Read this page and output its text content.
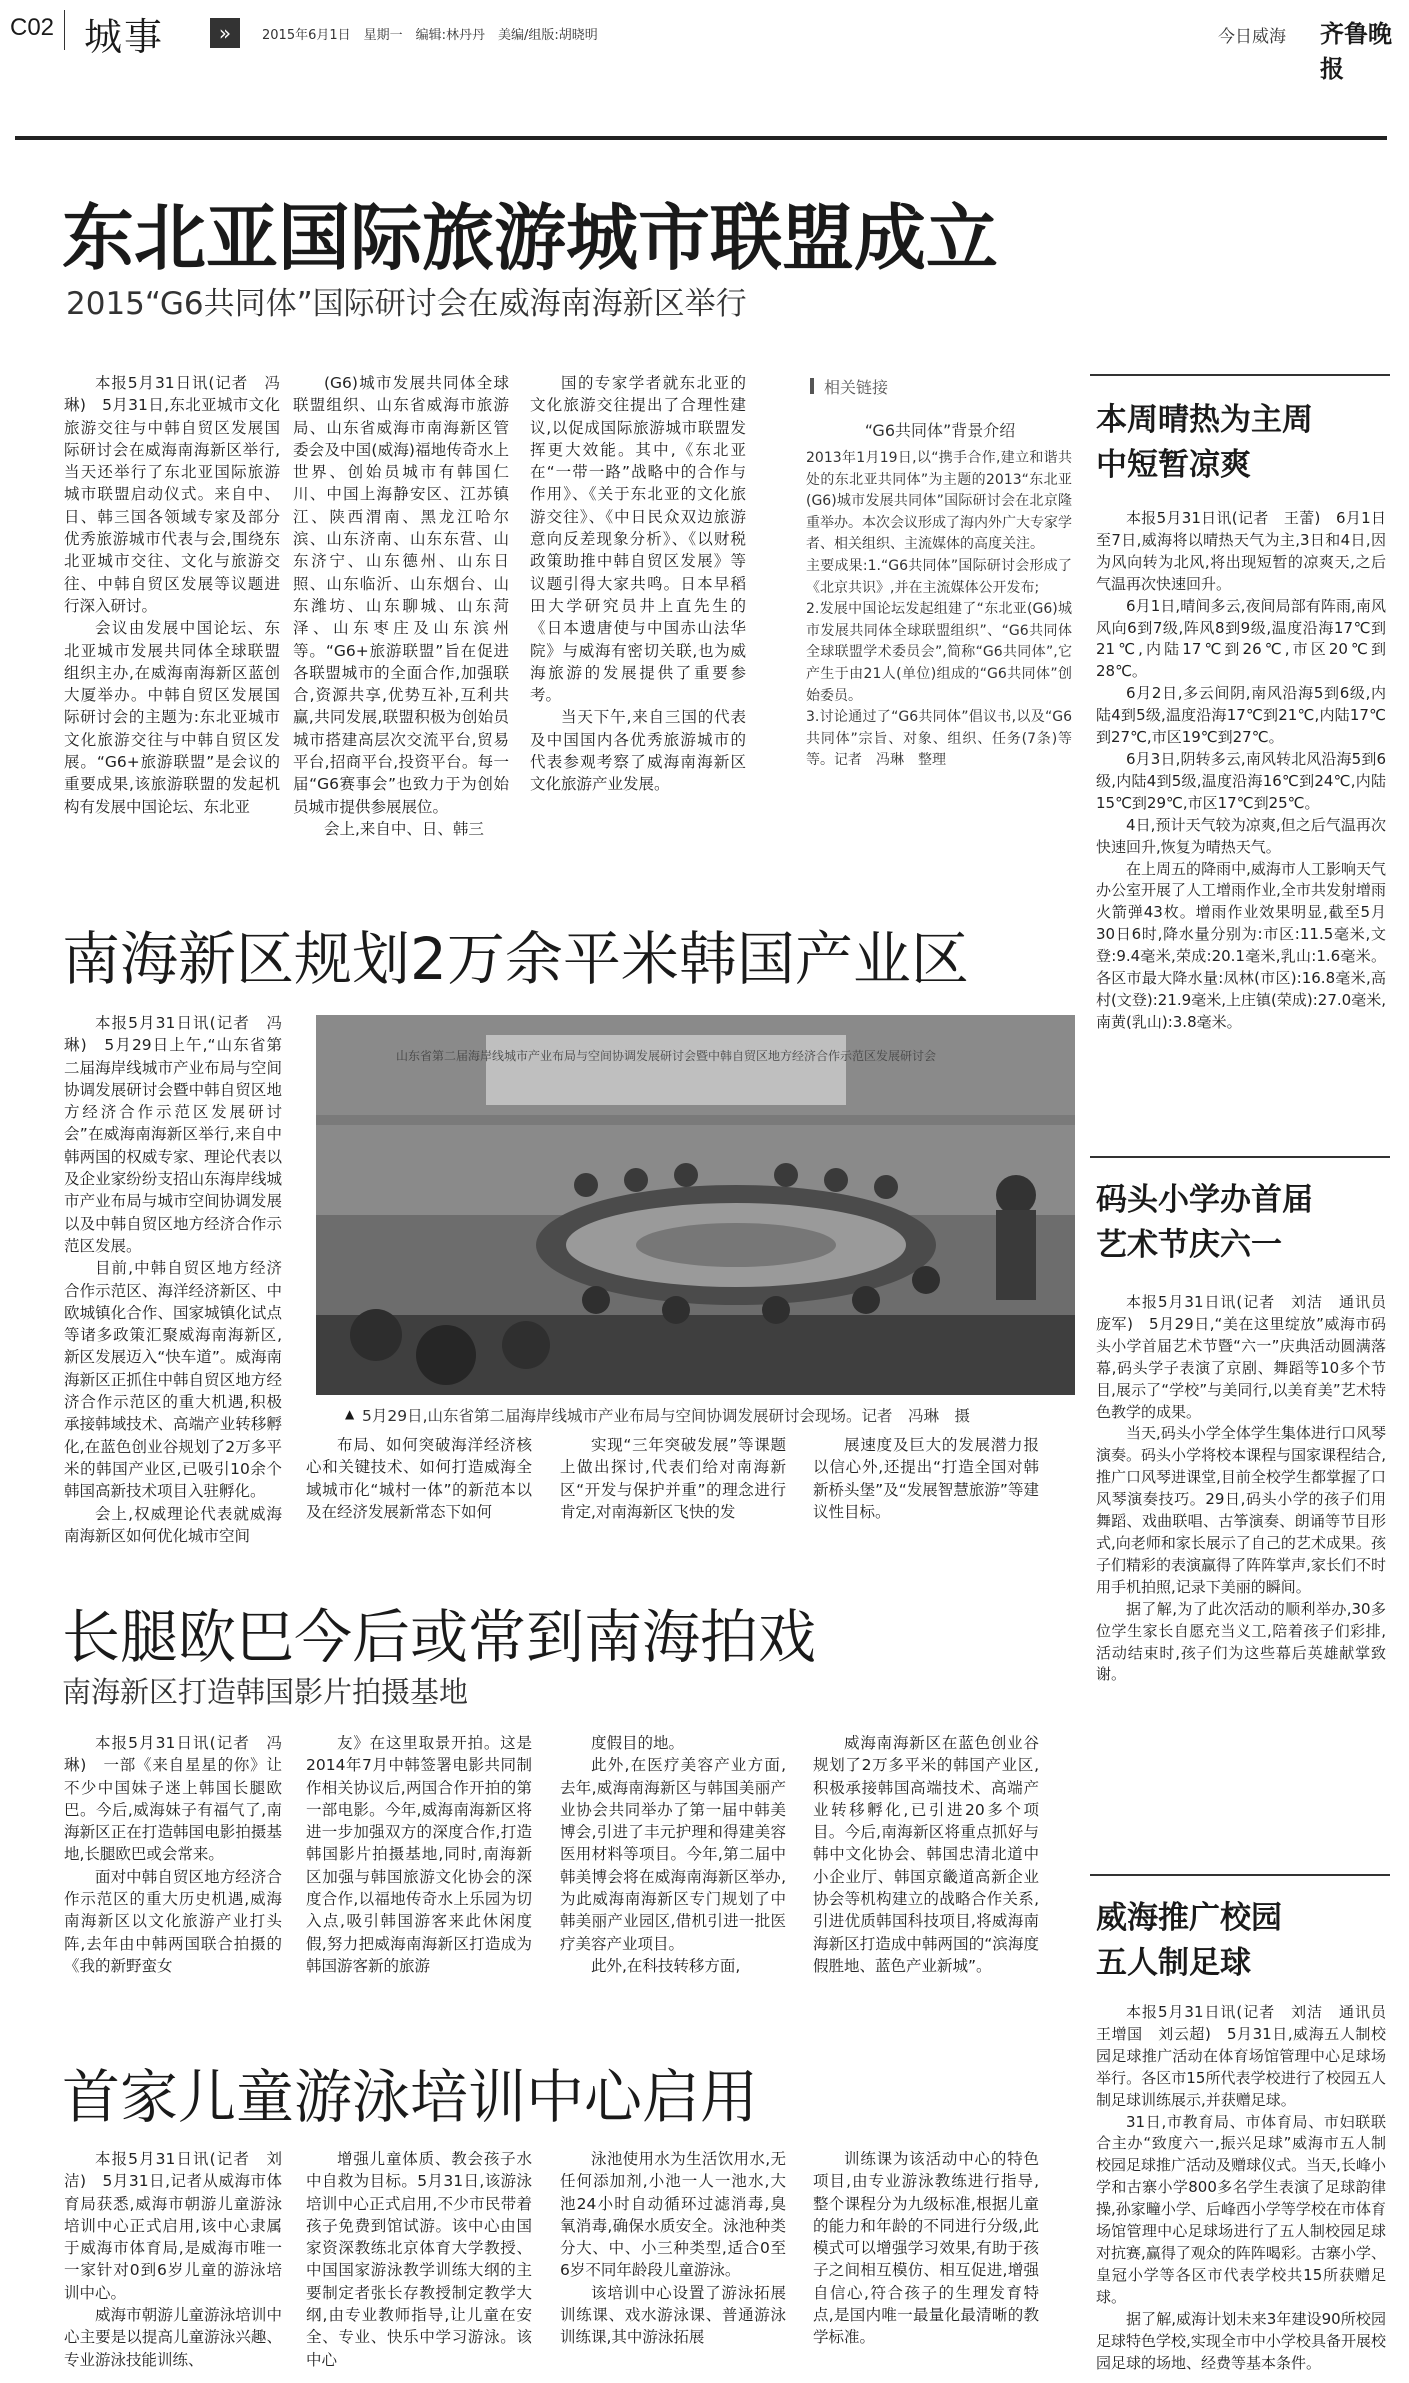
C02 城事	»	2015年6月1日　星期一　编辑:林丹丹　美编/组版:胡晓明	今日威海 齐鲁晚报
东北亚国际旅游城市联盟成立
2015“G6共同体”国际研讨会在威海南海新区举行

本报5月31日讯(记者　冯琳)　5月31日,东北亚城市文化旅游交往与中韩自贸区发展国际研讨会在威海南海新区举行,当天还举行了东北亚国际旅游城市联盟启动仪式。来自中、日、韩三国各领域专家及部分优秀旅游城市代表与会,围绕东北亚城市交往、文化与旅游交往、中韩自贸区发展等议题进行深入研讨。

会议由发展中国论坛、东北亚城市发展共同体全球联盟组织主办,在威海南海新区蓝创大厦举办。中韩自贸区发展国际研讨会的主题为:东北亚城市文化旅游交往与中韩自贸区发展。“G6+旅游联盟”是会议的重要成果,该旅游联盟的发起机构有发展中国论坛、东北亚

(G6)城市发展共同体全球联盟组织、山东省威海市旅游局、山东省威海市南海新区管委会及中国(威海)福地传奇水上世界、创始员城市有韩国仁川、中国上海静安区、江苏镇江、陕西渭南、黑龙江哈尔滨、山东济南、山东东营、山东济宁、山东德州、山东日照、山东临沂、山东烟台、山东潍坊、山东聊城、山东菏泽、山东枣庄及山东滨州等。“G6+旅游联盟”旨在促进各联盟城市的全面合作,加强联合,资源共享,优势互补,互利共赢,共同发展,联盟积极为创始员城市搭建高层次交流平台,贸易平台,招商平台,投资平台。每一届“G6赛事会”也致力于为创始员城市提供参展展位。

会上,来自中、日、韩三

国的专家学者就东北亚的文化旅游交往提出了合理性建议,以促成国际旅游城市联盟发挥更大效能。其中,《东北亚在“一带一路”战略中的合作与作用》、《关于东北亚的文化旅游交往》、《中日民众双边旅游意向反差现象分析》、《以财税政策助推中韩自贸区发展》等议题引得大家共鸣。日本早稻田大学研究员井上直先生的《日本遗唐使与中国赤山法华院》与威海有密切关联,也为威海旅游的发展提供了重要参考。

当天下午,来自三国的代表及中国国内各优秀旅游城市的代表参观考察了威海南海新区文化旅游产业发展。

相关链接
“G6共同体”背景介绍

2013年1月19日,以“携手合作,建立和谐共处的东北亚共同体”为主题的2013“东北亚(G6)城市发展共同体”国际研讨会在北京隆重举办。本次会议形成了海内外广大专家学者、相关组织、主流媒体的高度关注。

主要成果:1.“G6共同体”国际研讨会形成了《北京共识》,并在主流媒体公开发布;

2.发展中国论坛发起组建了“东北亚(G6)城市发展共同体全球联盟组织”、“G6共同体全球联盟学术委员会”,简称“G6共同体”,它产生于由21人(单位)组成的“G6共同体”创始委员。

3.讨论通过了“G6共同体”倡议书,以及“G6共同体”宗旨、对象、组织、任务(7条)等等。记者　冯琳　整理

南海新区规划2万余平米韩国产业区

本报5月31日讯(记者　冯琳)　5月29日上午,“山东省第二届海岸线城市产业布局与空间协调发展研讨会暨中韩自贸区地方经济合作示范区发展研讨会”在威海南海新区举行,来自中韩两国的权威专家、理论代表以及企业家纷纷支招山东海岸线城市产业布局与城市空间协调发展以及中韩自贸区地方经济合作示范区发展。

目前,中韩自贸区地方经济合作示范区、海洋经济新区、中欧城镇化合作、国家城镇化试点等诸多政策汇聚威海南海新区,新区发展迈入“快车道”。威海南海新区正抓住中韩自贸区地方经济合作示范区的重大机遇,积极承接韩域技术、高端产业转移孵化,在蓝色创业谷规划了2万多平米的韩国产业区,已吸引10余个韩国高新技术项目入驻孵化。

会上,权威理论代表就威海南海新区如何优化城市空间

山东省第二届海岸线城市产业布局与空间协调发展研讨会暨中韩自贸区地方经济合作示范区发展研讨会
▲ 5月29日,山东省第二届海岸线城市产业布局与空间协调发展研讨会现场。记者　冯琳　摄

布局、如何突破海洋经济核心和关键技术、如何打造威海全域城市化“城村一体”的新范本以及在经济发展新常态下如何

实现“三年突破发展”等课题上做出探讨,代表们给对南海新区“开发与保护并重”的理念进行肯定,对南海新区飞快的发

展速度及巨大的发展潜力报以信心外,还提出“打造全国对韩新桥头堡”及“发展智慧旅游”等建议性目标。

长腿欧巴今后或常到南海拍戏
南海新区打造韩国影片拍摄基地

本报5月31日讯(记者　冯琳)　一部《来自星星的你》让不少中国妹子迷上韩国长腿欧巴。今后,威海妹子有福气了,南海新区正在打造韩国电影拍摄基地,长腿欧巴或会常来。

面对中韩自贸区地方经济合作示范区的重大历史机遇,威海南海新区以文化旅游产业打头阵,去年由中韩两国联合拍摄的《我的新野蛮女

友》在这里取景开拍。这是2014年7月中韩签署电影共同制作相关协议后,两国合作开拍的第一部电影。今年,威海南海新区将进一步加强双方的深度合作,打造韩国影片拍摄基地,同时,南海新区加强与韩国旅游文化协会的深度合作,以福地传奇水上乐园为切入点,吸引韩国游客来此休闲度假,努力把威海南海新区打造成为韩国游客新的旅游

度假目的地。

此外,在医疗美容产业方面,去年,威海南海新区与韩国美丽产业协会共同举办了第一届中韩美博会,引进了丰元护理和得建美容医用材料等项目。今年,第二届中韩美博会将在威海南海新区举办,为此威海南海新区专门规划了中韩美丽产业园区,借机引进一批医疗美容产业项目。

此外,在科技转移方面,

威海南海新区在蓝色创业谷规划了2万多平米的韩国产业区,积极承接韩国高端技术、高端产业转移孵化,已引进20多个项目。今后,南海新区将重点抓好与韩中文化协会、韩国忠清北道中小企业厅、韩国京畿道高新企业协会等机构建立的战略合作关系,引进优质韩国科技项目,将威海南海新区打造成中韩两国的“滨海度假胜地、蓝色产业新城”。

首家儿童游泳培训中心启用

本报5月31日讯(记者　刘洁)　5月31日,记者从威海市体育局获悉,威海市朝游儿童游泳培训中心正式启用,该中心隶属于威海市体育局,是威海市唯一一家针对0到6岁儿童的游泳培训中心。

威海市朝游儿童游泳培训中心主要是以提高儿童游泳兴趣、专业游泳技能训练、

增强儿童体质、教会孩子水中自救为目标。5月31日,该游泳培训中心正式启用,不少市民带着孩子免费到馆试游。该中心由国家资深教练北京体育大学教授、中国国家游泳教学训练大纲的主要制定者张长存教授制定教学大纲,由专业教师指导,让儿童在安全、专业、快乐中学习游泳。该中心

泳池使用水为生活饮用水,无任何添加剂,小池一人一池水,大池24小时自动循环过滤消毒,臭氧消毒,确保水质安全。泳池种类分大、中、小三种类型,适合0至6岁不同年龄段儿童游泳。

该培训中心设置了游泳拓展训练课、戏水游泳课、普通游泳训练课,其中游泳拓展

训练课为该活动中心的特色项目,由专业游泳教练进行指导,整个课程分为九级标准,根据儿童的能力和年龄的不同进行分级,此模式可以增强学习效果,有助于孩子之间相互模仿、相互促进,增强自信心,符合孩子的生理发育特点,是国内唯一最量化最清晰的教学标准。

本周晴热为主周中短暂凉爽

本报5月31日讯(记者　王蕾)　6月1日至7日,威海将以晴热天气为主,3日和4日,因为风向转为北风,将出现短暂的凉爽天,之后气温再次快速回升。

6月1日,晴间多云,夜间局部有阵雨,南风风向6到7级,阵风8到9级,温度沿海17℃到21℃,内陆17℃到26℃,市区20℃到28℃。

6月2日,多云间阴,南风沿海5到6级,内陆4到5级,温度沿海17℃到21℃,内陆17℃到27℃,市区19℃到27℃。

6月3日,阴转多云,南风转北风沿海5到6级,内陆4到5级,温度沿海16℃到24℃,内陆15℃到29℃,市区17℃到25℃。

4日,预计天气较为凉爽,但之后气温再次快速回升,恢复为晴热天气。

在上周五的降雨中,威海市人工影响天气办公室开展了人工增雨作业,全市共发射增雨火箭弹43枚。增雨作业效果明显,截至5月30日6时,降水量分别为:市区:11.5毫米,文登:9.4毫米,荣成:20.1毫米,乳山:1.6毫米。各区市最大降水量:凤林(市区):16.8毫米,高村(文登):21.9毫米,上庄镇(荣成):27.0毫米,南黄(乳山):3.8毫米。

码头小学办首届艺术节庆六一

本报5月31日讯(记者　刘洁　通讯员　庞军)　5月29日,“美在这里绽放”威海市码头小学首届艺术节暨“六一”庆典活动圆满落幕,码头学子表演了京剧、舞蹈等10多个节目,展示了“学校”与美同行,以美育美”艺术特色教学的成果。

当天,码头小学全体学生集体进行口风琴演奏。码头小学将校本课程与国家课程结合,推广口风琴进课堂,目前全校学生都掌握了口风琴演奏技巧。29日,码头小学的孩子们用舞蹈、戏曲联唱、古筝演奏、朗诵等节目形式,向老师和家长展示了自己的艺术成果。孩子们精彩的表演赢得了阵阵掌声,家长们不时用手机拍照,记录下美丽的瞬间。

据了解,为了此次活动的顺利举办,30多位学生家长自愿充当义工,陪着孩子们彩排,活动结束时,孩子们为这些幕后英雄献掌致谢。

威海推广校园五人制足球

本报5月31日讯(记者　刘洁　通讯员　王增国　刘云超)　5月31日,威海五人制校园足球推广活动在体育场馆管理中心足球场举行。各区市15所代表学校进行了校园五人制足球训练展示,并获赠足球。

31日,市教育局、市体育局、市妇联联合主办“致度六一,振兴足球”威海市五人制校园足球推广活动及赠球仪式。当天,长峰小学和古寨小学800多名学生表演了足球韵律操,孙家疃小学、后峰西小学等学校在市体育场馆管理中心足球场进行了五人制校园足球对抗赛,赢得了观众的阵阵喝彩。古寨小学、皇冠小学等各区市代表学校共15所获赠足球。

据了解,威海计划未来3年建设90所校园足球特色学校,实现全市中小学校具备开展校园足球的场地、经费等基本条件。
